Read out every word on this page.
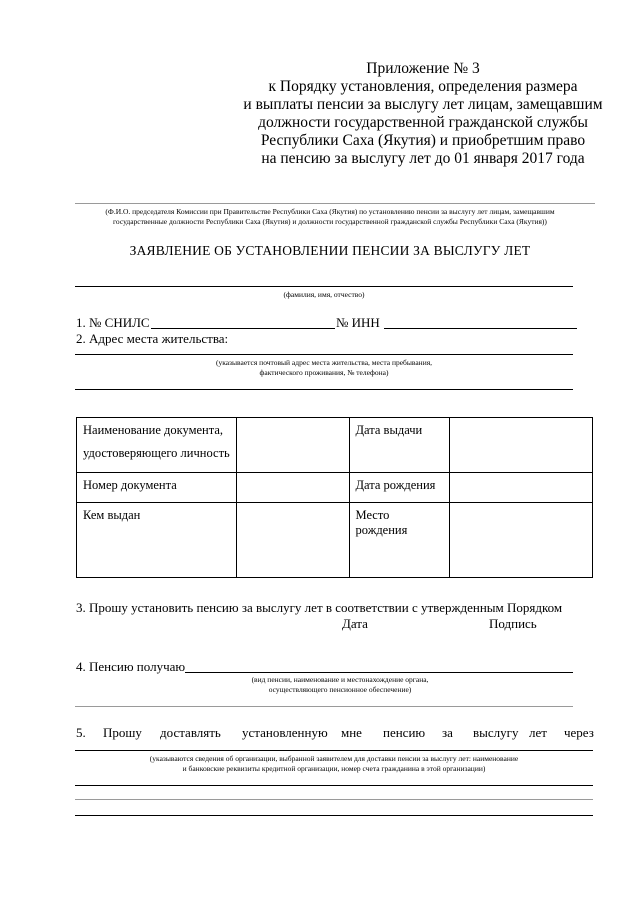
Приложение № 3
к Порядку установления, определения размера
и выплаты пенсии за выслугу лет лицам, замещавшим
должности государственной гражданской службы
Республики Саха (Якутия) и приобретшим право
на пенсию за выслугу лет до 01 января 2017 года
(Ф.И.О. председателя Комиссии при Правительстве Республики Саха (Якутия) по установлению пенсии за выслугу лет лицам, замещавшим
государственные должности Республики Саха (Якутия) и должности государственной гражданской службы Республики Саха (Якутия))
ЗАЯВЛЕНИЕ ОБ УСТАНОВЛЕНИИ ПЕНСИИ ЗА ВЫСЛУГУ ЛЕТ
(фамилия, имя, отчество)
1. № СНИЛС	№ ИНН
2. Адрес места жительства:
(указывается почтовый адрес места жительства, места пребывания,
фактического проживания, № телефона)
Наименование документа,
удостоверяющего личность		Дата выдачи	
Номер документа		Дата рождения	
Кем выдан		Место рождения	
3. Прошу установить пенсию за выслугу лет в соответствии с утвержденным Порядком
Дата	Подпись
4. Пенсию получаю
(вид пенсии, наименование и местонахождение органа,
осуществляющего пенсионное обеспечение)
5. Прошу доставлять установленную мне пенсию за выслугу лет через
(указываются сведения об организации, выбранной заявителем для доставки пенсии за выслугу лет: наименование
и банковские реквизиты кредитной организации, номер счета гражданина в этой организации)
